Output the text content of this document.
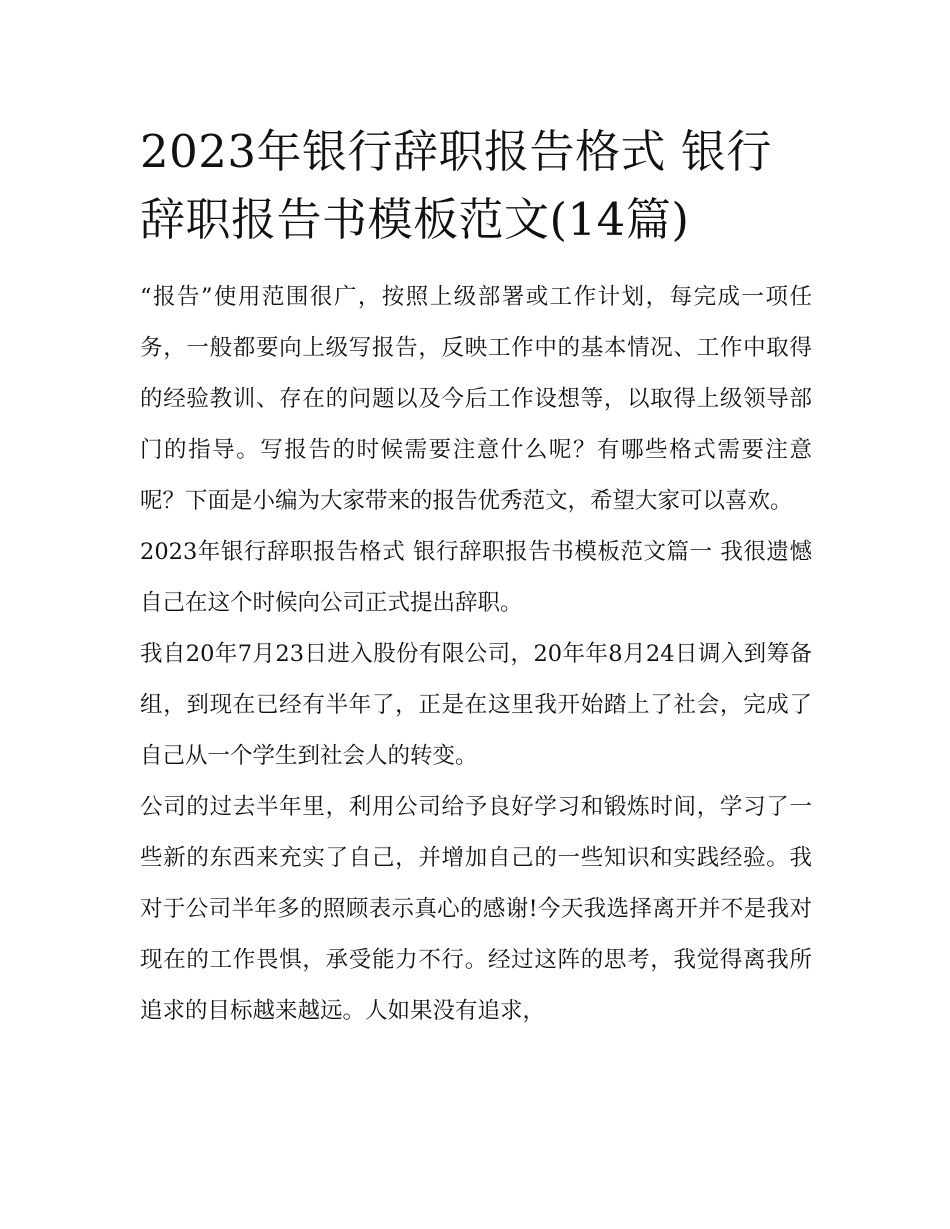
2023年银行辞职报告格式 银行辞职报告书模板范文(14篇)

“报告”使用范围很广，按照上级部署或工作计划，每完成一项任务，一般都要向上级写报告，反映工作中的基本情况、工作中取得的经验教训、存在的问题以及今后工作设想等，以取得上级领导部门的指导。写报告的时候需要注意什么呢？有哪些格式需要注意呢？下面是小编为大家带来的报告优秀范文，希望大家可以喜欢。

2023年银行辞职报告格式 银行辞职报告书模板范文篇一 我很遗憾自己在这个时候向公司正式提出辞职。

我自20年7月23日进入股份有限公司，20年年8月24日调入到筹备组，到现在已经有半年了，正是在这里我开始踏上了社会，完成了自己从一个学生到社会人的转变。

公司的过去半年里，利用公司给予良好学习和锻炼时间，学习了一些新的东西来充实了自己，并增加自己的一些知识和实践经验。我对于公司半年多的照顾表示真心的感谢!今天我选择离开并不是我对现在的工作畏惧，承受能力不行。经过这阵的思考，我觉得离我所追求的目标越来越远。人如果没有追求，
